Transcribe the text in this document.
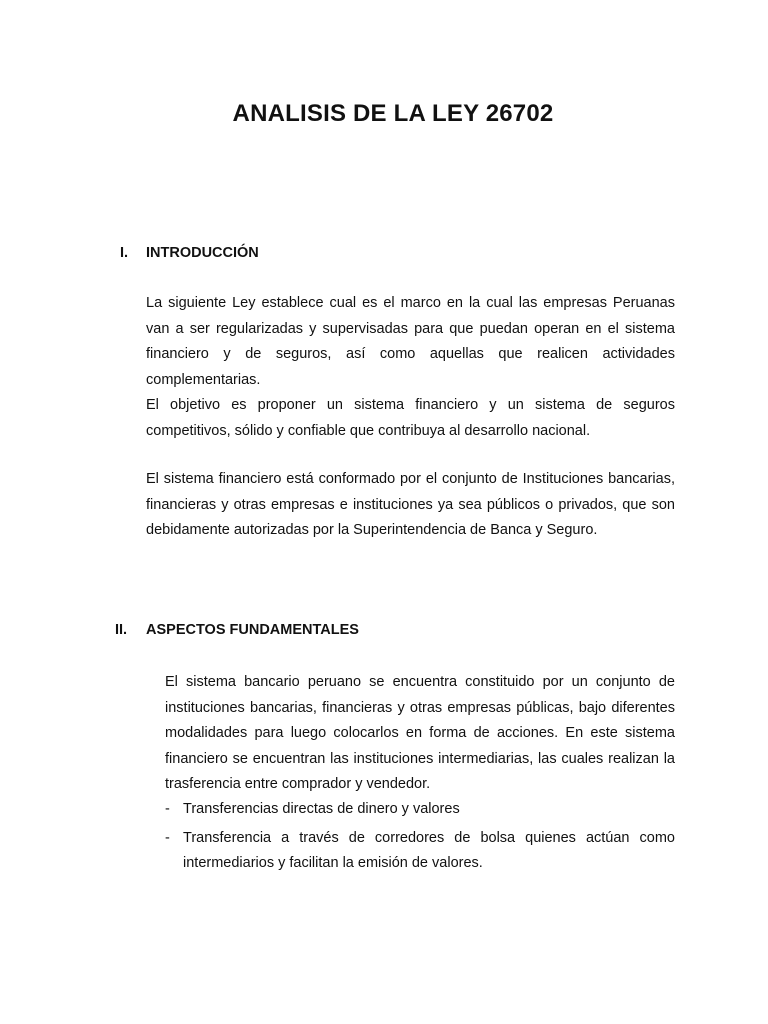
ANALISIS DE LA LEY 26702
I. INTRODUCCIÓN

La siguiente Ley establece cual es el marco en la cual las empresas Peruanas van a ser regularizadas y supervisadas para que puedan operan en el sistema financiero y de seguros, así como aquellas que realicen actividades complementarias.

El objetivo es proponer un sistema financiero y un sistema de seguros competitivos, sólido y confiable que contribuya al desarrollo nacional.

El sistema financiero está conformado por el conjunto de Instituciones bancarias, financieras y otras empresas e instituciones ya sea públicos o privados, que son debidamente autorizadas por la Superintendencia de Banca y Seguro.

II. ASPECTOS FUNDAMENTALES

El sistema bancario peruano se encuentra constituido por un conjunto de instituciones bancarias, financieras y otras empresas públicas, bajo diferentes modalidades para luego colocarlos en forma de acciones. En este sistema financiero se encuentran las instituciones intermediarias, las cuales realizan la trasferencia entre comprador y vendedor.

- Transferencias directas de dinero y valores
- Transferencia a través de corredores de bolsa quienes actúan como intermediarios y facilitan la emisión de valores.
